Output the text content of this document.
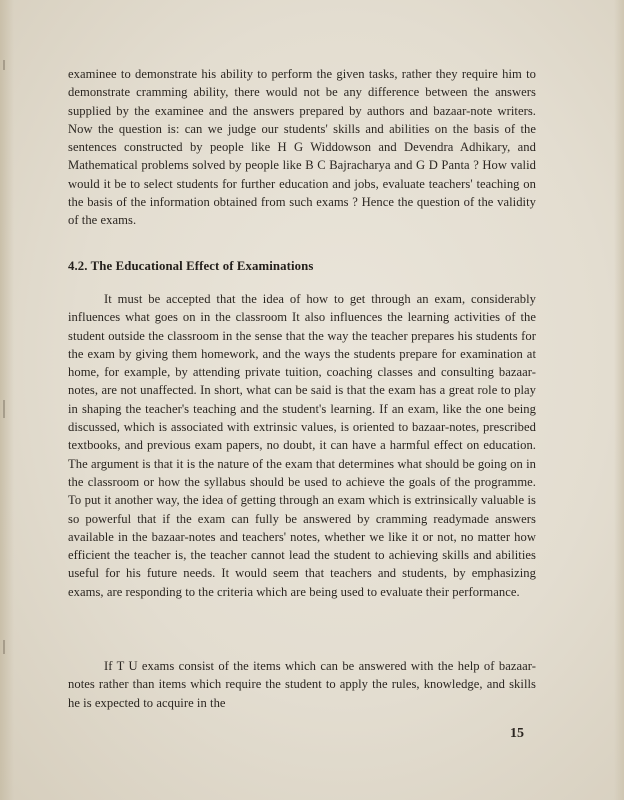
examinee to demonstrate his ability to perform the given tasks, rather they require him to demonstrate cramming ability, there would not be any difference between the answers supplied by the examinee and the answers prepared by authors and bazaar-note writers. Now the question is: can we judge our students' skills and abilities on the basis of the sentences constructed by people like H G Widdowson and Devendra Adhikary, and Mathematical problems solved by people like B C Bajracharya and G D Panta ? How valid would it be to select students for further education and jobs, evaluate teachers' teaching on the basis of the information obtained from such exams ? Hence the question of the validity of the exams.

4.2. The Educational Effect of Examinations

It must be accepted that the idea of how to get through an exam, considerably influences what goes on in the classroom It also influences the learning activities of the student outside the classroom in the sense that the way the teacher prepares his students for the exam by giving them homework, and the ways the students prepare for examination at home, for example, by attending private tuition, coaching classes and consulting bazaar-notes, are not unaffected. In short, what can be said is that the exam has a great role to play in shaping the teacher's teaching and the student's learning. If an exam, like the one being discussed, which is associated with extrinsic values, is oriented to bazaar-notes, prescribed textbooks, and previous exam papers, no doubt, it can have a harmful effect on education. The argument is that it is the nature of the exam that determines what should be going on in the classroom or how the syllabus should be used to achieve the goals of the programme. To put it another way, the idea of getting through an exam which is extrinsically valuable is so powerful that if the exam can fully be answered by cramming readymade answers available in the bazaar-notes and teachers' notes, whether we like it or not, no matter how efficient the teacher is, the teacher cannot lead the student to achieving skills and abilities useful for his future needs. It would seem that teachers and students, by emphasizing exams, are responding to the criteria which are being used to evaluate their performance.

If T U exams consist of the items which can be answered with the help of bazaar-notes rather than items which require the student to apply the rules, knowledge, and skills he is expected to acquire in the

15
